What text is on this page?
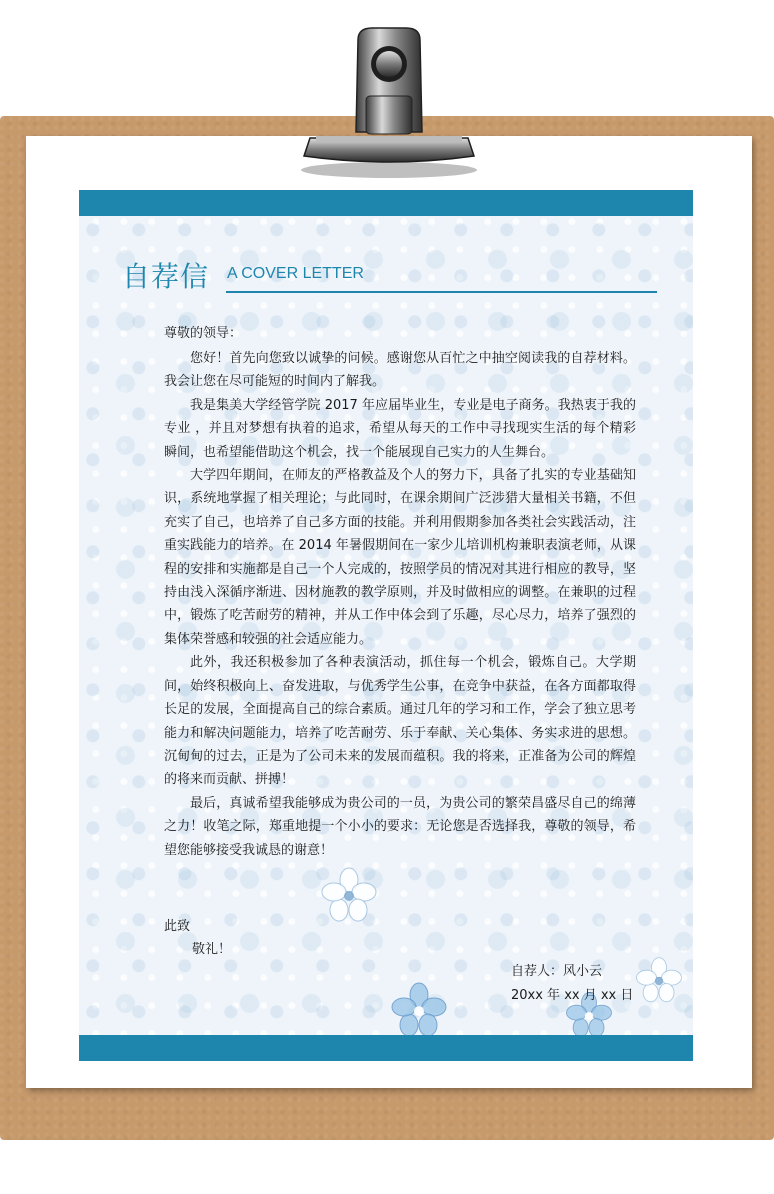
自荐信 A COVER LETTER

尊敬的领导：

您好！首先向您致以诚挚的问候。感谢您从百忙之中抽空阅读我的自荐材料。我会让您在尽可能短的时间内了解我。

我是集美大学经管学院 2017 年应届毕业生，专业是电子商务。我热衷于我的专业 ，并且对梦想有执着的追求，希望从每天的工作中寻找现实生活的每个精彩瞬间，也希望能借助这个机会，找一个能展现自己实力的人生舞台。

大学四年期间，在师友的严格教益及个人的努力下，具备了扎实的专业基础知识，系统地掌握了相关理论；与此同时，在课余期间广泛涉猎大量相关书籍，不但充实了自己，也培养了自己多方面的技能。并利用假期参加各类社会实践活动，注重实践能力的培养。在 2014 年暑假期间在一家少儿培训机构兼职表演老师，从课程的安排和实施都是自己一个人完成的，按照学员的情况对其进行相应的教导，坚持由浅入深循序渐进、因材施教的教学原则，并及时做相应的调整。在兼职的过程中，锻炼了吃苦耐劳的精神，并从工作中体会到了乐趣，尽心尽力，培养了强烈的集体荣誉感和较强的社会适应能力。

此外，我还积极参加了各种表演活动，抓住每一个机会，锻炼自己。大学期间，始终积极向上、奋发进取，与优秀学生公事，在竞争中获益，在各方面都取得长足的发展，全面提高自己的综合素质。通过几年的学习和工作，学会了独立思考能力和解决问题能力，培养了吃苦耐劳、乐于奉献、关心集体、务实求进的思想。沉甸甸的过去，正是为了公司未来的发展而蕴积。我的将来，正准备为公司的辉煌的将来而贡献、拼搏！

最后，真诚希望我能够成为贵公司的一员，为贵公司的繁荣昌盛尽自己的绵薄之力！收笔之际，郑重地提一个小小的要求：无论您是否选择我，尊敬的领导，希望您能够接受我诚恳的谢意！

此致

敬礼！

自荐人：风小云

20xx 年 xx 月 xx 日
